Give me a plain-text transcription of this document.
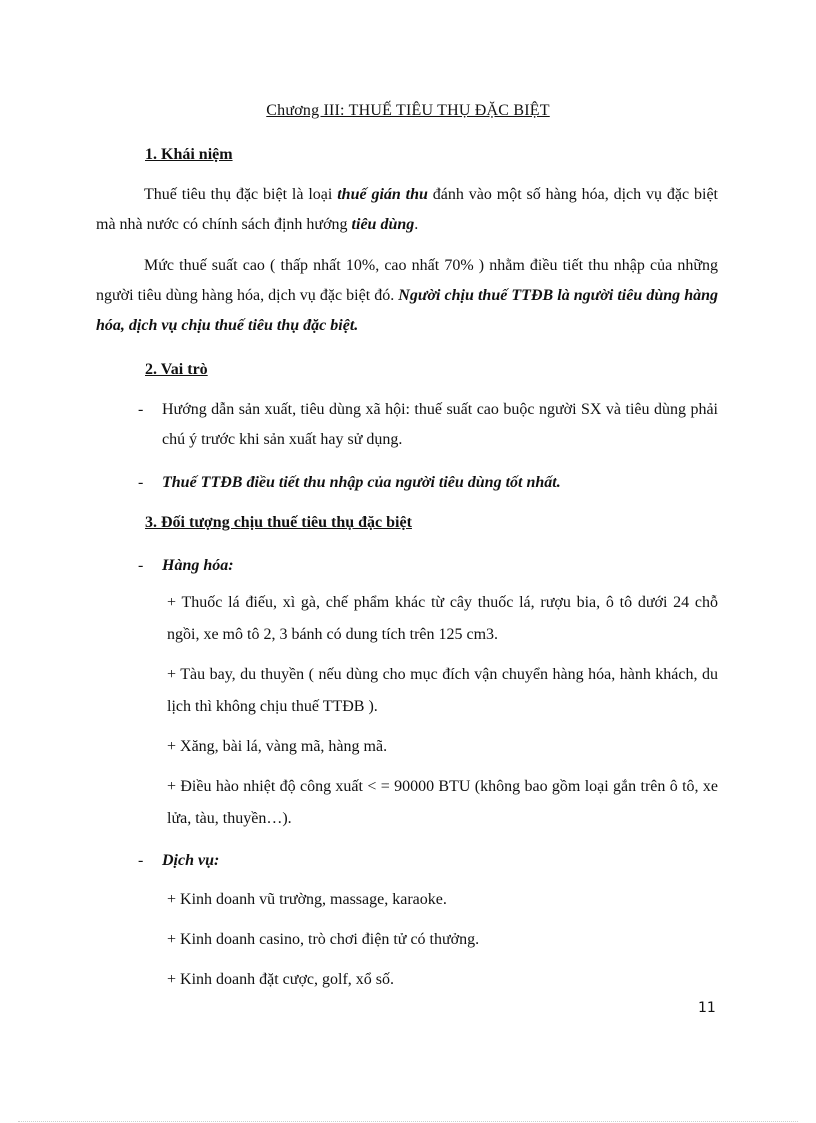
Chương III: THUẾ TIÊU THỤ ĐẶC BIỆT
1. Khái niệm
Thuế tiêu thụ đặc biệt là loại thuế gián thu đánh vào một số hàng hóa, dịch vụ đặc biệt mà nhà nước có chính sách định hướng tiêu dùng.
Mức thuế suất cao ( thấp nhất 10%, cao nhất 70% ) nhằm điều tiết thu nhập của những người tiêu dùng hàng hóa, dịch vụ đặc biệt đó. Người chịu thuế TTĐB là người tiêu dùng hàng hóa, dịch vụ chịu thuế tiêu thụ đặc biệt.
2. Vai trò
- Hướng dẫn sản xuất, tiêu dùng xã hội: thuế suất cao buộc người SX và tiêu dùng phải chú ý trước khi sản xuất hay sử dụng.
- Thuế TTĐB điều tiết thu nhập của người tiêu dùng tốt nhất.
3. Đối tượng chịu thuế tiêu thụ đặc biệt
- Hàng hóa:
+ Thuốc lá điếu, xì gà, chế phẩm khác từ cây thuốc lá, rượu bia, ô tô dưới 24 chỗ ngồi, xe mô tô 2, 3 bánh có dung tích trên 125 cm3.
+ Tàu bay, du thuyền ( nếu dùng cho mục đích vận chuyển hàng hóa, hành khách, du lịch thì không chịu thuế TTĐB ).
+ Xăng, bài lá, vàng mã, hàng mã.
+ Điều hào nhiệt độ công xuất < = 90000 BTU (không bao gồm loại gắn trên ô tô, xe lửa, tàu, thuyền…).
- Dịch vụ:
+ Kinh doanh vũ trường, massage, karaoke.
+ Kinh doanh casino, trò chơi điện tử có thưởng.
+ Kinh doanh đặt cược, golf, xổ số.
11
